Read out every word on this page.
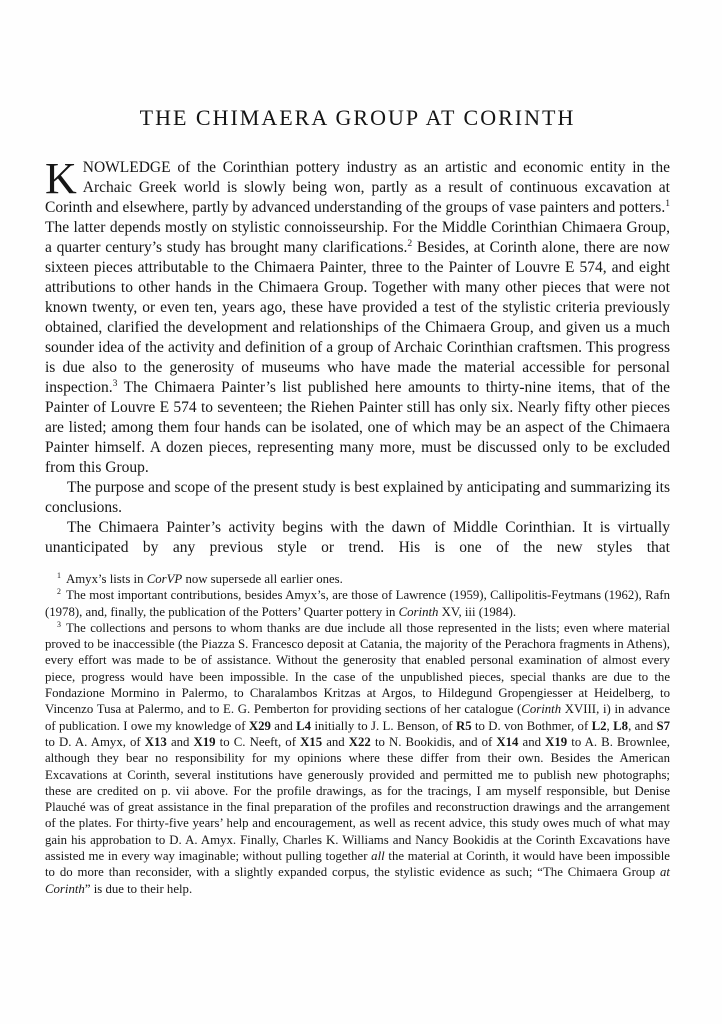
THE CHIMAERA GROUP AT CORINTH

KNOWLEDGE of the Corinthian pottery industry as an artistic and economic entity in the Archaic Greek world is slowly being won, partly as a result of continuous excavation at Corinth and elsewhere, partly by advanced understanding of the groups of vase painters and potters.$^1$ The latter depends mostly on stylistic connoisseurship. For the Middle Corinthian Chimaera Group, a quarter century’s study has brought many clarifications.$^2$ Besides, at Corinth alone, there are now sixteen pieces attributable to the Chimaera Painter, three to the Painter of Louvre E 574, and eight attributions to other hands in the Chimaera Group. Together with many other pieces that were not known twenty, or even ten, years ago, these have provided a test of the stylistic criteria previously obtained, clarified the development and relationships of the Chimaera Group, and given us a much sounder idea of the activity and definition of a group of Archaic Corinthian craftsmen. This progress is due also to the generosity of museums who have made the material accessible for personal inspection.$^3$ The Chimaera Painter’s list published here amounts to thirty-nine items, that of the Painter of Louvre E 574 to seventeen; the Riehen Painter still has only six. Nearly fifty other pieces are listed; among them four hands can be isolated, one of which may be an aspect of the Chimaera Painter himself. A dozen pieces, representing many more, must be discussed only to be excluded from this Group.

The purpose and scope of the present study is best explained by anticipating and summarizing its conclusions.

The Chimaera Painter’s activity begins with the dawn of Middle Corinthian. It is virtually unanticipated by any previous style or trend. His is one of the new styles that

$^1$ Amyx’s lists in CorVP now supersede all earlier ones.

$^2$ The most important contributions, besides Amyx’s, are those of Lawrence (1959), Callipolitis-Feytmans (1962), Rafn (1978), and, finally, the publication of the Potters’ Quarter pottery in Corinth XV, iii (1984).

$^3$ The collections and persons to whom thanks are due include all those represented in the lists; even where material proved to be inaccessible (the Piazza S. Francesco deposit at Catania, the majority of the Perachora fragments in Athens), every effort was made to be of assistance. Without the generosity that enabled personal examination of almost every piece, progress would have been impossible. In the case of the unpublished pieces, special thanks are due to the Fondazione Mormino in Palermo, to Charalambos Kritzas at Argos, to Hildegund Gropengiesser at Heidelberg, to Vincenzo Tusa at Palermo, and to E. G. Pemberton for providing sections of her catalogue (Corinth XVIII, i) in advance of publication. I owe my knowledge of X29 and L4 initially to J. L. Benson, of R5 to D. von Bothmer, of L2, L8, and S7 to D. A. Amyx, of X13 and X19 to C. Neeft, of X15 and X22 to N. Bookidis, and of X14 and X19 to A. B. Brownlee, although they bear no responsibility for my opinions where these differ from their own. Besides the American Excavations at Corinth, several institutions have generously provided and permitted me to publish new photographs; these are credited on p. vii above. For the profile drawings, as for the tracings, I am myself responsible, but Denise Plauché was of great assistance in the final preparation of the profiles and reconstruction drawings and the arrangement of the plates. For thirty-five years’ help and encouragement, as well as recent advice, this study owes much of what may gain his approbation to D. A. Amyx. Finally, Charles K. Williams and Nancy Bookidis at the Corinth Excavations have assisted me in every way imaginable; without pulling together all the material at Corinth, it would have been impossible to do more than reconsider, with a slightly expanded corpus, the stylistic evidence as such; “The Chimaera Group at Corinth” is due to their help.
